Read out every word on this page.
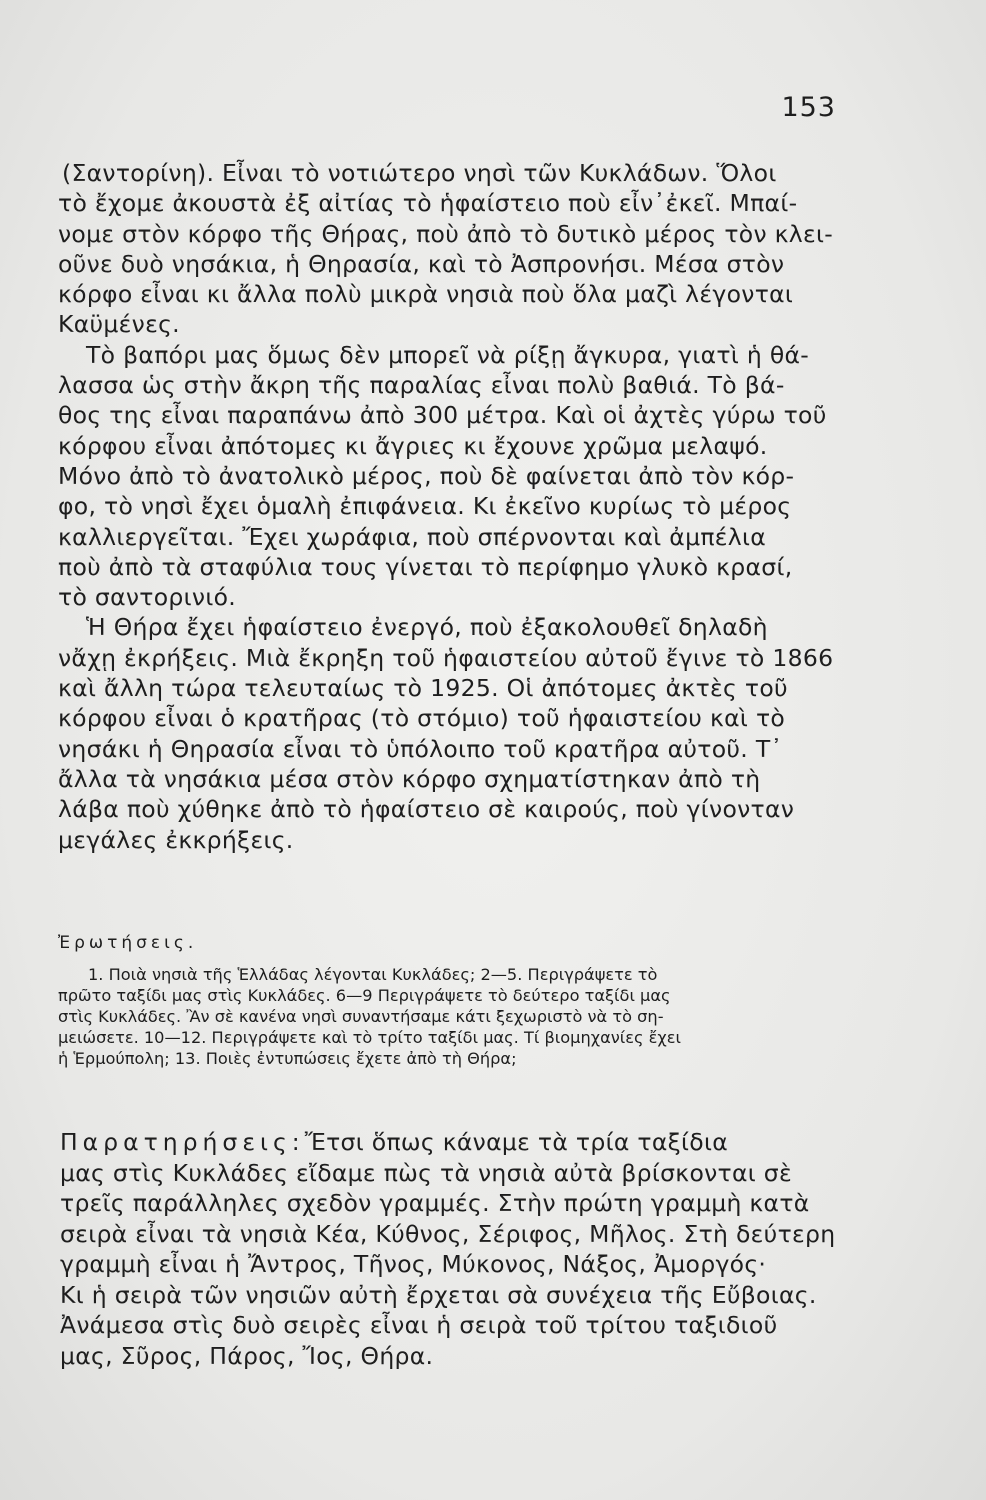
153
(Σαντορίνη). Εἶναι τὸ νοτιώτερο νησὶ τῶν Κυκλάδων. Ὅλοι
τὸ ἔχομε ἀκουστὰ ἐξ αἰτίας τὸ ἡφαίστειο ποὺ εἶν᾽ἐκεῖ. Μπαί-
νομε στὸν κόρφο τῆς Θήρας, ποὺ ἀπὸ τὸ δυτικὸ μέρος τὸν κλει-
οῦνε δυὸ νησάκια, ἡ Θηρασία, καὶ τὸ Ἀσπρονήσι. Μέσα στὸν
κόρφο εἶναι κι ἄλλα πολὺ μικρὰ νησιὰ ποὺ ὅλα μαζὶ λέγονται
Καϋμένες.
Τὸ βαπόρι μας ὅμως δὲν μπορεῖ νὰ ρίξῃ ἄγκυρα, γιατὶ ἡ θά-
λασσα ὡς στὴν ἄκρη τῆς παραλίας εἶναι πολὺ βαθιά. Τὸ βά-
θος της εἶναι παραπάνω ἀπὸ 300 μέτρα. Καὶ οἱ ἀχτὲς γύρω τοῦ
κόρφου εἶναι ἀπότομες κι ἄγριες κι ἔχουνε χρῶμα μελαψό.
Μόνο ἀπὸ τὸ ἀνατολικὸ μέρος, ποὺ δὲ φαίνεται ἀπὸ τὸν κόρ-
φο, τὸ νησὶ ἔχει ὁμαλὴ ἐπιφάνεια. Κι ἐκεῖνο κυρίως τὸ μέρος
καλλιεργεῖται. Ἔχει χωράφια, ποὺ σπέρνονται καὶ ἀμπέλια
ποὺ ἀπὸ τὰ σταφύλια τους γίνεται τὸ περίφημο γλυκὸ κρασί,
τὸ σαντορινιό.
Ἡ Θήρα ἔχει ἡφαίστειο ἐνεργό, ποὺ ἐξακολουθεῖ δηλαδὴ
νἄχῃ ἐκρήξεις. Μιὰ ἔκρηξη τοῦ ἡφαιστείου αὐτοῦ ἔγινε τὸ 1866
καὶ ἄλλη τώρα τελευταίως τὸ 1925. Οἱ ἀπότομες ἀκτὲς τοῦ
κόρφου εἶναι ὁ κρατῆρας (τὸ στόμιο) τοῦ ἡφαιστείου καὶ τὸ
νησάκι ἡ Θηρασία εἶναι τὸ ὑπόλοιπο τοῦ κρατῆρα αὐτοῦ. Τ᾽
ἄλλα τὰ νησάκια μέσα στὸν κόρφο σχηματίστηκαν ἀπὸ τὴ
λάβα ποὺ χύθηκε ἀπὸ τὸ ἡφαίστειο σὲ καιρούς, ποὺ γίνονταν
μεγάλες ἐκκρήξεις.
Ἐρωτήσεις.
1. Ποιὰ νησιὰ τῆς Ἑλλάδας λέγονται Κυκλάδες; 2—5. Περιγράψετε τὸ
πρῶτο ταξίδι μας στὶς Κυκλάδες. 6—9 Περιγράψετε τὸ δεύτερο ταξίδι μας
στὶς Κυκλάδες. Ἂν σὲ κανένα νησὶ συναντήσαμε κάτι ξεχωριστὸ νὰ τὸ ση-
μειώσετε. 10—12. Περιγράψετε καὶ τὸ τρίτο ταξίδι μας. Τί βιομηχανίες ἔχει
ἡ Ἑρμούπολη; 13. Ποιὲς ἐντυπώσεις ἔχετε ἀπὸ τὴ Θήρα;
Παρατηρήσεις:Ἔτσι ὅπως κάναμε τὰ τρία ταξίδια
μας στὶς Κυκλάδες εἴδαμε πὼς τὰ νησιὰ αὐτὰ βρίσκονται σὲ
τρεῖς παράλληλες σχεδὸν γραμμές. Στὴν πρώτη γραμμὴ κατὰ
σειρὰ εἶναι τὰ νησιὰ Κέα, Κύθνος, Σέριφος, Μῆλος. Στὴ δεύτερη
γραμμὴ εἶναι ἡ Ἄντρος, Τῆνος, Μύκονος, Νάξος, Ἀμοργός·
Κι ἡ σειρὰ τῶν νησιῶν αὐτὴ ἔρχεται σὰ συνέχεια τῆς Εὔβοιας.
Ἀνάμεσα στὶς δυὸ σειρὲς εἶναι ἡ σειρὰ τοῦ τρίτου ταξιδιοῦ
μας, Σῦρος, Πάρος, Ἴος, Θήρα.
